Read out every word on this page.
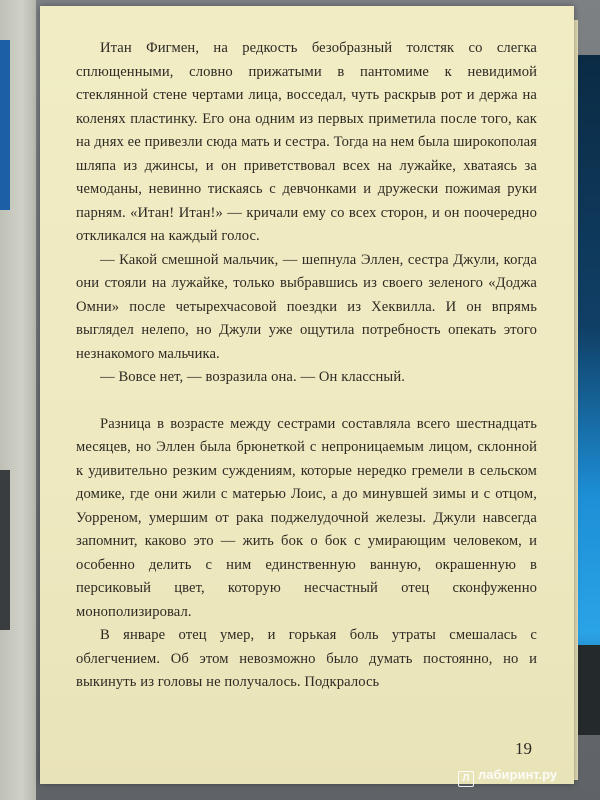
Итан Фигмен, на редкость безобразный толстяк со слегка сплющенными, словно прижатыми в пантомиме к невидимой стеклянной стене чертами лица, восседал, чуть раскрыв рот и держа на коленях пластинку. Его она одним из первых приметила после того, как на днях ее привезли сюда мать и сестра. Тогда на нем была широкополая шляпа из джинсы, и он приветствовал всех на лужайке, хватаясь за чемоданы, невинно тискаясь с девчонками и дружески пожимая руки парням. «Итан! Итан!» — кричали ему со всех сторон, и он поочередно откликался на каждый голос.

— Какой смешной мальчик, — шепнула Эллен, сестра Джули, когда они стояли на лужайке, только выбравшись из своего зеленого «Доджа Омни» после четырехчасовой поездки из Хеквилла. И он впрямь выглядел нелепо, но Джули уже ощутила потребность опекать этого незнакомого мальчика.

— Вовсе нет, — возразила она. — Он классный.

Разница в возрасте между сестрами составляла всего шестнадцать месяцев, но Эллен была брюнеткой с непроницаемым лицом, склонной к удивительно резким суждениям, которые нередко гремели в сельском домике, где они жили с матерью Лоис, а до минувшей зимы и с отцом, Уорреном, умершим от рака поджелудочной железы. Джули навсегда запомнит, каково это — жить бок о бок с умирающим человеком, и особенно делить с ним единственную ванную, окрашенную в персиковый цвет, которую несчастный отец сконфуженно монополизировал.

В январе отец умер, и горькая боль утраты смешалась с облегчением. Об этом невозможно было думать постоянно, но и выкинуть из головы не получалось. Подкралось

19
Л лабиринт.ру
